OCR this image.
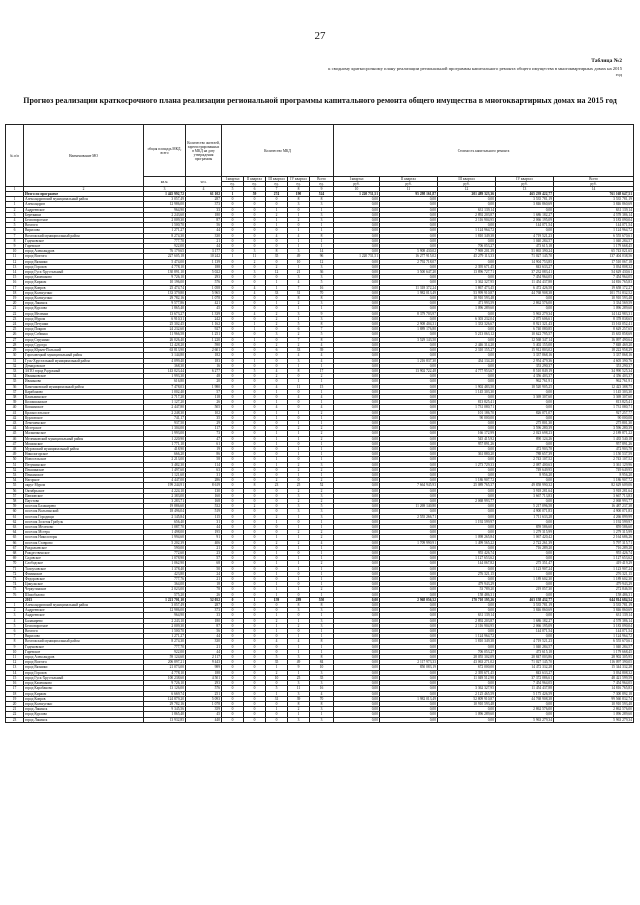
27
Таблица №2
к сводному краткосрочному плану реализации региональной программы капитального ремонта общего имущества в многоквартирных домах на 2015 год
Прогноз реализации краткосрочного плана реализации региональной программы капитального ремонта общего имущества в многоквартирных домах на 2015 год
№ п/п	Наименование МО	общая площадь МКД, всего	Количество жителей, зарегистрированных в МКД на дату утверждения программы	Количество МКД					Стоимость капитального ремонта				
		кв.м.	чел.	I квартал	II квартал	III квартал	IV квартал	Всего	I квартал	II квартал	III квартал	IV квартал	Всего
				ед.	ед.	ед.	ед.	ед.	руб.	руб.	руб.	руб.	руб.
1	2	3	4	5	6	7	8	9	10	11	12	13	14
	Итого по программе	1 445 992,72	61 102	1	59	274	190	524	1 220 731,51	95 298 161,87	201 489 323,36	465 239 422,77	761 168 647,51
1	Александровский муниципальный район	3 057,49	287	0	0	0	8	8	0,00	0,00	0,00	3 535 781,19	3 535 781,19
1	Александров	12 986,00	373	0	0	0	3	3	0,00	0,00	0,00	3 846 860,69	3 846 860,69
2	Андреевское	964,90	33	0	0	1	0	1	0,00	0,00	631 139,14	0,00	631 139,14
3	Березники	2 243,60	180	0	0	2	1	3	0,00	0,00	2 892 203,87	1 686 182,27	4 578 386,14
4	Бесповоротное	2 009,30	87	0	0	1	2	3	0,00	0,00	2 116 904,95	2 066 195,09	3 183 090,04
5	Вохтоги	1 500,70	56	0	0	1	0	1	0,00	0,00	0,00	144 071,54	144 071,54
6	Вирилово	1 271,27	44	0	0	0	1	1	0,00	0,00	1 124 964,72	0,00	1 124 964,72
7	Вохтожский муниципальный район	8 274,30	330	0	0	4	4	8	0,00	0,00	1 810 349,38	4 719 521,23	6 555 670,61
8	Гаденовское	777,70	21	0	0	0	1	1	0,00	0,00	0,00	1 040 284,57	1 040 284,57
9	Гаревское	922,00	44	0	0	0	1	1	0,00	0,00	706 053,27	473 615,18	1 179 668,45
10	город Александров	76 179,65	3 177	0	3	8	3	14	0,00	5 908 430,02	7 969 201,39	51 865 390,24	65 743 021,65
11	город Вохтога	227 605,18	10 242	1	11	35	49	96	1 220 731,51	16 277 915,02	45 279 113,33	71 027 145,70	137 404 038,56
12	город Вязники	5 474,00	1 139	0	2	0	10	12	0,00	2 792 718,07	0,00	14 904 753,85	17 510 067,18
13	город Горохов	4 778,10	188	0	0	2	1	3	0,00	0,00	2 395 671,45	843 633,27	3 034 808,32
14	город Гусь-Хрустальный	130 891,10	5 022	0	3	12	21	36	0,00	3 500 647,20	13 896 727,71	37 232 083,41	54 629 430,61
15	город Камешково	9 726,10	293	0	0	0	3	3	0,00	0,00	0,00	7 454 964,05	7 454 964,05
16	город Киржач	10 196,00	576	0	0	1	4	5	0,00	0,00	3 362 327,95	11 454 437,88	14 816 765,83
17	город Ковров	25 474,74	1 058	0	4	1	7	16	0,00	11 318 372,24	1 867 473,45	6 472 426,58	19 658 172,27
18	город Кольчугино	133 379,80	5 965	0	4	33	31	70	0,00	1 982 013,49	53 999 910,87	44 768 908,38	101 751 832,52
19	город Кольчугино	29 782,16	1 078	0	0	0	8	8	0,00	0,00	10 910 593,48	0,00	10 910 593,48
20	город Лакинск	9 577,86	421	0	0	1	2	3	0,00	0,00	471 993,59	2 862 576,00	3 334 569,59
21	город Курлово	1 865,40	45	0	0	0	1	1	0,00	0,00	1 096 289,60	0,00	1 096 289,60
22	город Меленки	13 673,27	1 339	0	4	2	3	9	0,00	8 379 703,97	0,00	5 963 279,34	14 142 983,31
23	город Муром	6 910,31	242	0	0	2	1	3	0,00	0,00	6 303 232,04	2 075 606,61	8 378 838,65
24	город Петушки	25 302,45	1 162	0	1	2	5	8	0,00	2 908 404,31	1 333 326,67	8 921 321,43	13 163 052,41
25	город Покров	24 232,60	927	0	1	0	6	7	0,00	1 889 176,80	0,00	6 740 080,85	8 629 257,65
26	город Собинка	11 966,58	1 251	0	0	3	2	5	0,00	0,00	5 213 063,12	10 622 795,57	15 635 858,69
27	город Струнино	26 026,40	1 220	0	1	0	7	8	0,00	3 529 143,50	0,00	12 568 347,14	16 097 490,64
28	город Судогда	12 428,20	590	0	0	2	2	4	0,00	0,00	2 446 314,20	5 402 155,00	7 848 469,20
29	город Юрьев-Польский	63 813,90	2 601	0	0	6	33	39	0,00	0,00	2 310 155,27	15 912 803,02	18 222 958,29
30	Гороховецкий муниципальный район	3 144,80	182	0	0	0	4	4	0,00	0,00	0,00	3 337 868,16	3 337 868,16
31	Гусь-Хрустальный муниципальный район	4 099,40	183	0	1	0	3	4	0,00	1 216 837,30	434 134,20	2 954 479,36	4 605 390,76
32	Демидовское	368,30	16	0	0	0	1	1	0,00	0,00	0,00	353 290,37	353 290,37
33	ЗАТО город Радужный	143 023,44	6 277	0	5	4	8	17	0,00	13 902 722,48	4 777 953,67	8 510 849,19	34 990 525,34
34	Иваньковское	1 993,30	48	0	0	2	0	2	0,00	0,00	0,00	4 356 403,37	4 356 403,37
35	Иваньково	616,80	20	0	0	0	1	1	0,00	0,00	0,00	962 761,91	962 761,91
36	Камешковский муниципальный район	7 478,03	1 980	0	0	4	11	15	0,00	0,00	1 902 483,50	10 520 905,25	12 423 388,75
37	Карабаново	1 002,40	57	0	0	1	0	1	0,00	0,00	1 145 303,30	0,00	1 145 303,30
38	Клязьминское	2 717,20	118	0	0	0	4	4	0,00	0,00	0,00	3 369 307,60	3 369 307,60
39	Колокшанское	1 127,20	26	0	0	1	0	1	0,00	0,00	813 825,41	0,00	813 825,41
40	Копнинское	2 447,80	505	0	0	4	0	4	0,00	0,00	1 731 080,71	0,00	1 731 080,71
41	Красносельское	2 248,30	102	0	0	1	1	2	0,00	0,00	101 186,70	826 071,07	927 257,77
42	Курловское	741,17	35	0	0	1	0	1	0,00	0,00	90 000,00	0,00	90 000,00
43	Лемешенское	937,50	29	0	0	0	1	1	0,00	0,00	0,00	275 801,30	275 801,30
44	Мстерское	1 304,00	117	0	0	0	2	2	0,00	0,00	0,00	3 596 280,39	3 596 280,39
45	Малыгинское	1 993,00	73	0	0	1	1	2	0,00	0,00	166 172,99	2 023 698,23	2 189 871,22
46	Меленковский муниципальный район	1 220,90	47	0	0	1	1	2	0,00	0,00	545 415,92	890 124,26	1 435 540,18
47	Мошокское	1 771,10	61	0	0	1	0	1	0,00	0,00	957 891,26	0,00	957 891,26
48	Муромский муниципальный район	418,90	19	0	0	0	1	1	0,00	0,00	0,00	472 903,78	472 903,78
49	Никологорское	666,20	86	0	0	0	1	1	0,00	0,00	361 880,20	788 657,39	1 150 537,59
50	Новосельское	2 213,00	58	0	0	1	0	1	0,00	0,00	0,00	2 743 107,52	2 743 107,52
51	Петушинское	3 482,30	114	0	0	1	2	3	0,00	0,00	1 273 729,33	2 087 400,63	3 361 129,96
52	Пекшинское	1 497,60	63	0	0	0	2	2	0,00	0,00	0,00	749 649,95	749 649,95
53	Пенкинское	1 121,60	31	0	0	0	1	1	0,00	0,00	0,00	8 956,20	8 956,20
54	Нагорное	4 447,00	286	0	0	2	0	2	0,00	0,00	1 186 907,72	0,00	1 186 907,72
55	округ Муром	199 244,91	8 619	0	8	23	25	52	0,00	7 664 945,93	25 089 765,37	49 858 990,32	82 629 609,06
56	Октябрьское	4 224,10	130	0	0	0	2	2	0,00	0,00	0,00	3 918 281,64	3 918 281,64
57	Павловское	2 383,00	160	0	0	0	3	3	0,00	0,00	0,00	3 667 713,83	3 667 713,83
58	Паустово	3 283,71	168	0	0	0	2	2	0,00	0,00	2 068 993,77	0,00	2 068 993,77
59	поселок Балакирево	19 886,60	532	0	2	0	3	5	0,00	11 269 140,80	0,00	5 217 096,58	16 487 237,38
60	поселок Вольгинский	18 496,04	519	0	0	0	3	3	0,00	0,00	0,00	4 900 071,83	4 900 071,83
61	поселок Городищи	2 145,84	115	0	0	2	1	3	0,00	2 555 266,71	0,00	1 711 633,28	4 266 899,99
62	поселок Золотая Грабуль	656,40	31	0	0	1	0	1	0,00	0,00	1 192 599,97	0,00	1 192 599,97
63	поселок Мелехово	1 087,70	44	0	0	0	1	1	0,00	0,00	0,00	859 586,60	859 586,60
64	поселок Мстера	1 498,00	195	0	0	0	2	2	0,00	0,00	0,00	1 279 315,99	1 279 315,99
65	поселок Никологоры	1 994,60	91	0	0	1	1	2	0,00	0,00	1 098 265,84	1 067 420,42	2 164 686,26
66	поселок Ставрово	5 202,39	406	0	0	2	2	4	0,00	1 709 990,91	1 499 565,22	2 722 261,39	5 797 315,71
67	Раздольевское	590,00	21	0	0	0	1	1	0,00	0,00	0,00	716 289,20	716 289,20
68	Рождественское	772,60	23	0	0	1	0	1	0,00	0,00	955 426,74	0,00	955 426,74
69	Садовское	1 078,90	57	0	0	0	1	1	0,00	0,00	1 127 653,62	0,00	1 127 653,62
70	Слободское	1 062,90	68	0	0	1	1	2	0,00	0,00	144 067,82	275 351,47	419 419,29
71	Толпуховское	1 378,40	50	0	0	0	1	1	0,00	0,00	0,00	1 123 907,24	1 123 907,24
72	Фоминское	423,80	24	0	0	1	0	1	0,00	0,00	276 321,15	0,00	276 321,15
73	Федоровское	777,76	21	0	0	0	1	1	0,00	0,00	0,00	1 189 602,30	1 189 602,30
74	Цикульское	364,00	18	0	0	1	0	1	0,00	0,00	479 943,29	0,00	479 943,29
75	Черкутинское	2 023,00	78	0	0	1	1	2	0,00	0,00	53 789,20	219 057,30	272 846,50
76	Шихобалово	575,20	26	0	0	1	0	1	0,00	0,00	158 486,31	0,00	158 486,31
	2015	1 221 701,10	52 052	0	1	159	289	550	0,00	2 968 056,52	170 710 195,26	463 158 432,77	644 814 684,54
1	Александровский муниципальный район	3 057,49	287	0	0	0	8	8	0,00	0,00	0,00	3 535 781,19	3 535 781,19
2	Андреевское	12 986,00	373	0	0	0	3	3	0,00	0,00	0,00	3 846 860,69	3 846 860,69
3	Андреевское	964,90	33	0	0	1	0	1	0,00	0,00	631 139,14	0,00	631 139,14
4	Балакирево	2 243,10	180	0	0	2	1	3	0,00	0,00	2 892 203,87	1 686 182,27	4 578 386,14
5	Бесповоротное	2 009,30	87	0	0	1	2	3	0,00	0,00	2 116 904,95	2 066 195,09	3 183 090,04
6	Вохтоги	1 500,70	56	0	0	1	0	1	0,00	0,00	0,00	144 071,54	144 071,54
7	Вирилово	1 271,27	44	0	0	0	1	1	0,00	0,00	1 124 964,72	0,00	1 124 964,72
8	Вохтожский муниципальный район	8 274,30	330	0	0	4	4	8	0,00	0,00	1 810 349,38	4 719 521,23	6 555 670,61
9	Гаденовское	777,70	21	0	0	0	1	1	0,00	0,00	0,00	1 040 284,57	1 040 284,57
10	Гаревское	922,00	44	0	0	0	1	1	0,00	0,00	706 053,27	473 615,18	1 179 668,45
11	город Александров	59 124,60	2 117	0	0	5	3	8	0,00	0,00	28 055 302,09	20 847 003,86	28 902 305,95
12	город Вохтога	206 897,21	9 443	0	0	35	49	84	0,00	2 117 973,33	43 063 271,02	71 027 145,70	116 097 390,05
13	город Вязники	21 073,00	989	0	0	1	9	10	0,00	850 083,19	672 000,00	14 472 332,28	15 344 332,28
14	город Горохов	4 778,10	188	0	0	2	1	3	0,00	0,00	2 395 671,45	843 633,27	3 034 808,32
15	город Гусь-Хрустальный	100 238,60	4 501	0	0	10	25	35	0,00	0,00	11 049 512,98	37 372 086,61	48 421 599,59
16	город Камешково	9 726,10	293	0	0	0	3	3	0,00	0,00	0,00	7 454 964,05	7 454 964,05
17	город Карабаново	13 126,00	576	0	0	5	11	16	0,00	0,00	3 362 327,95	11 454 437,88	14 816 765,83
18	город Киржач	6 669,74	251	0	0	1	3	4	0,00	0,00	2 125 465,59	5 175 426,59	7 300 892,18
19	город Ковров	124 879,20	5 093	0	0	31	39	70	0,00	1 982 013,49	52 809 910,87	44 768 908,38	99 560 832,74
20	город Кольчугино	29 782,16	1 078	0	0	0	8	8	0,00	0,00	10 910 593,48	0,00	10 910 593,48
21	город Лакинск	9 345,56	359	0	0	1	2	3	0,00	0,00	0,00	2 862 576,00	2 862 576,00
22	город Курлово	1 865,40	45	0	0	0	1	1	0,00	0,00	1 096 289,60	0,00	1 096 289,60
23	город Лакинск	13 932,85	440	0	0	0	3	3	0,00	0,00	0,00	5 963 279,34	5 963 279,34
